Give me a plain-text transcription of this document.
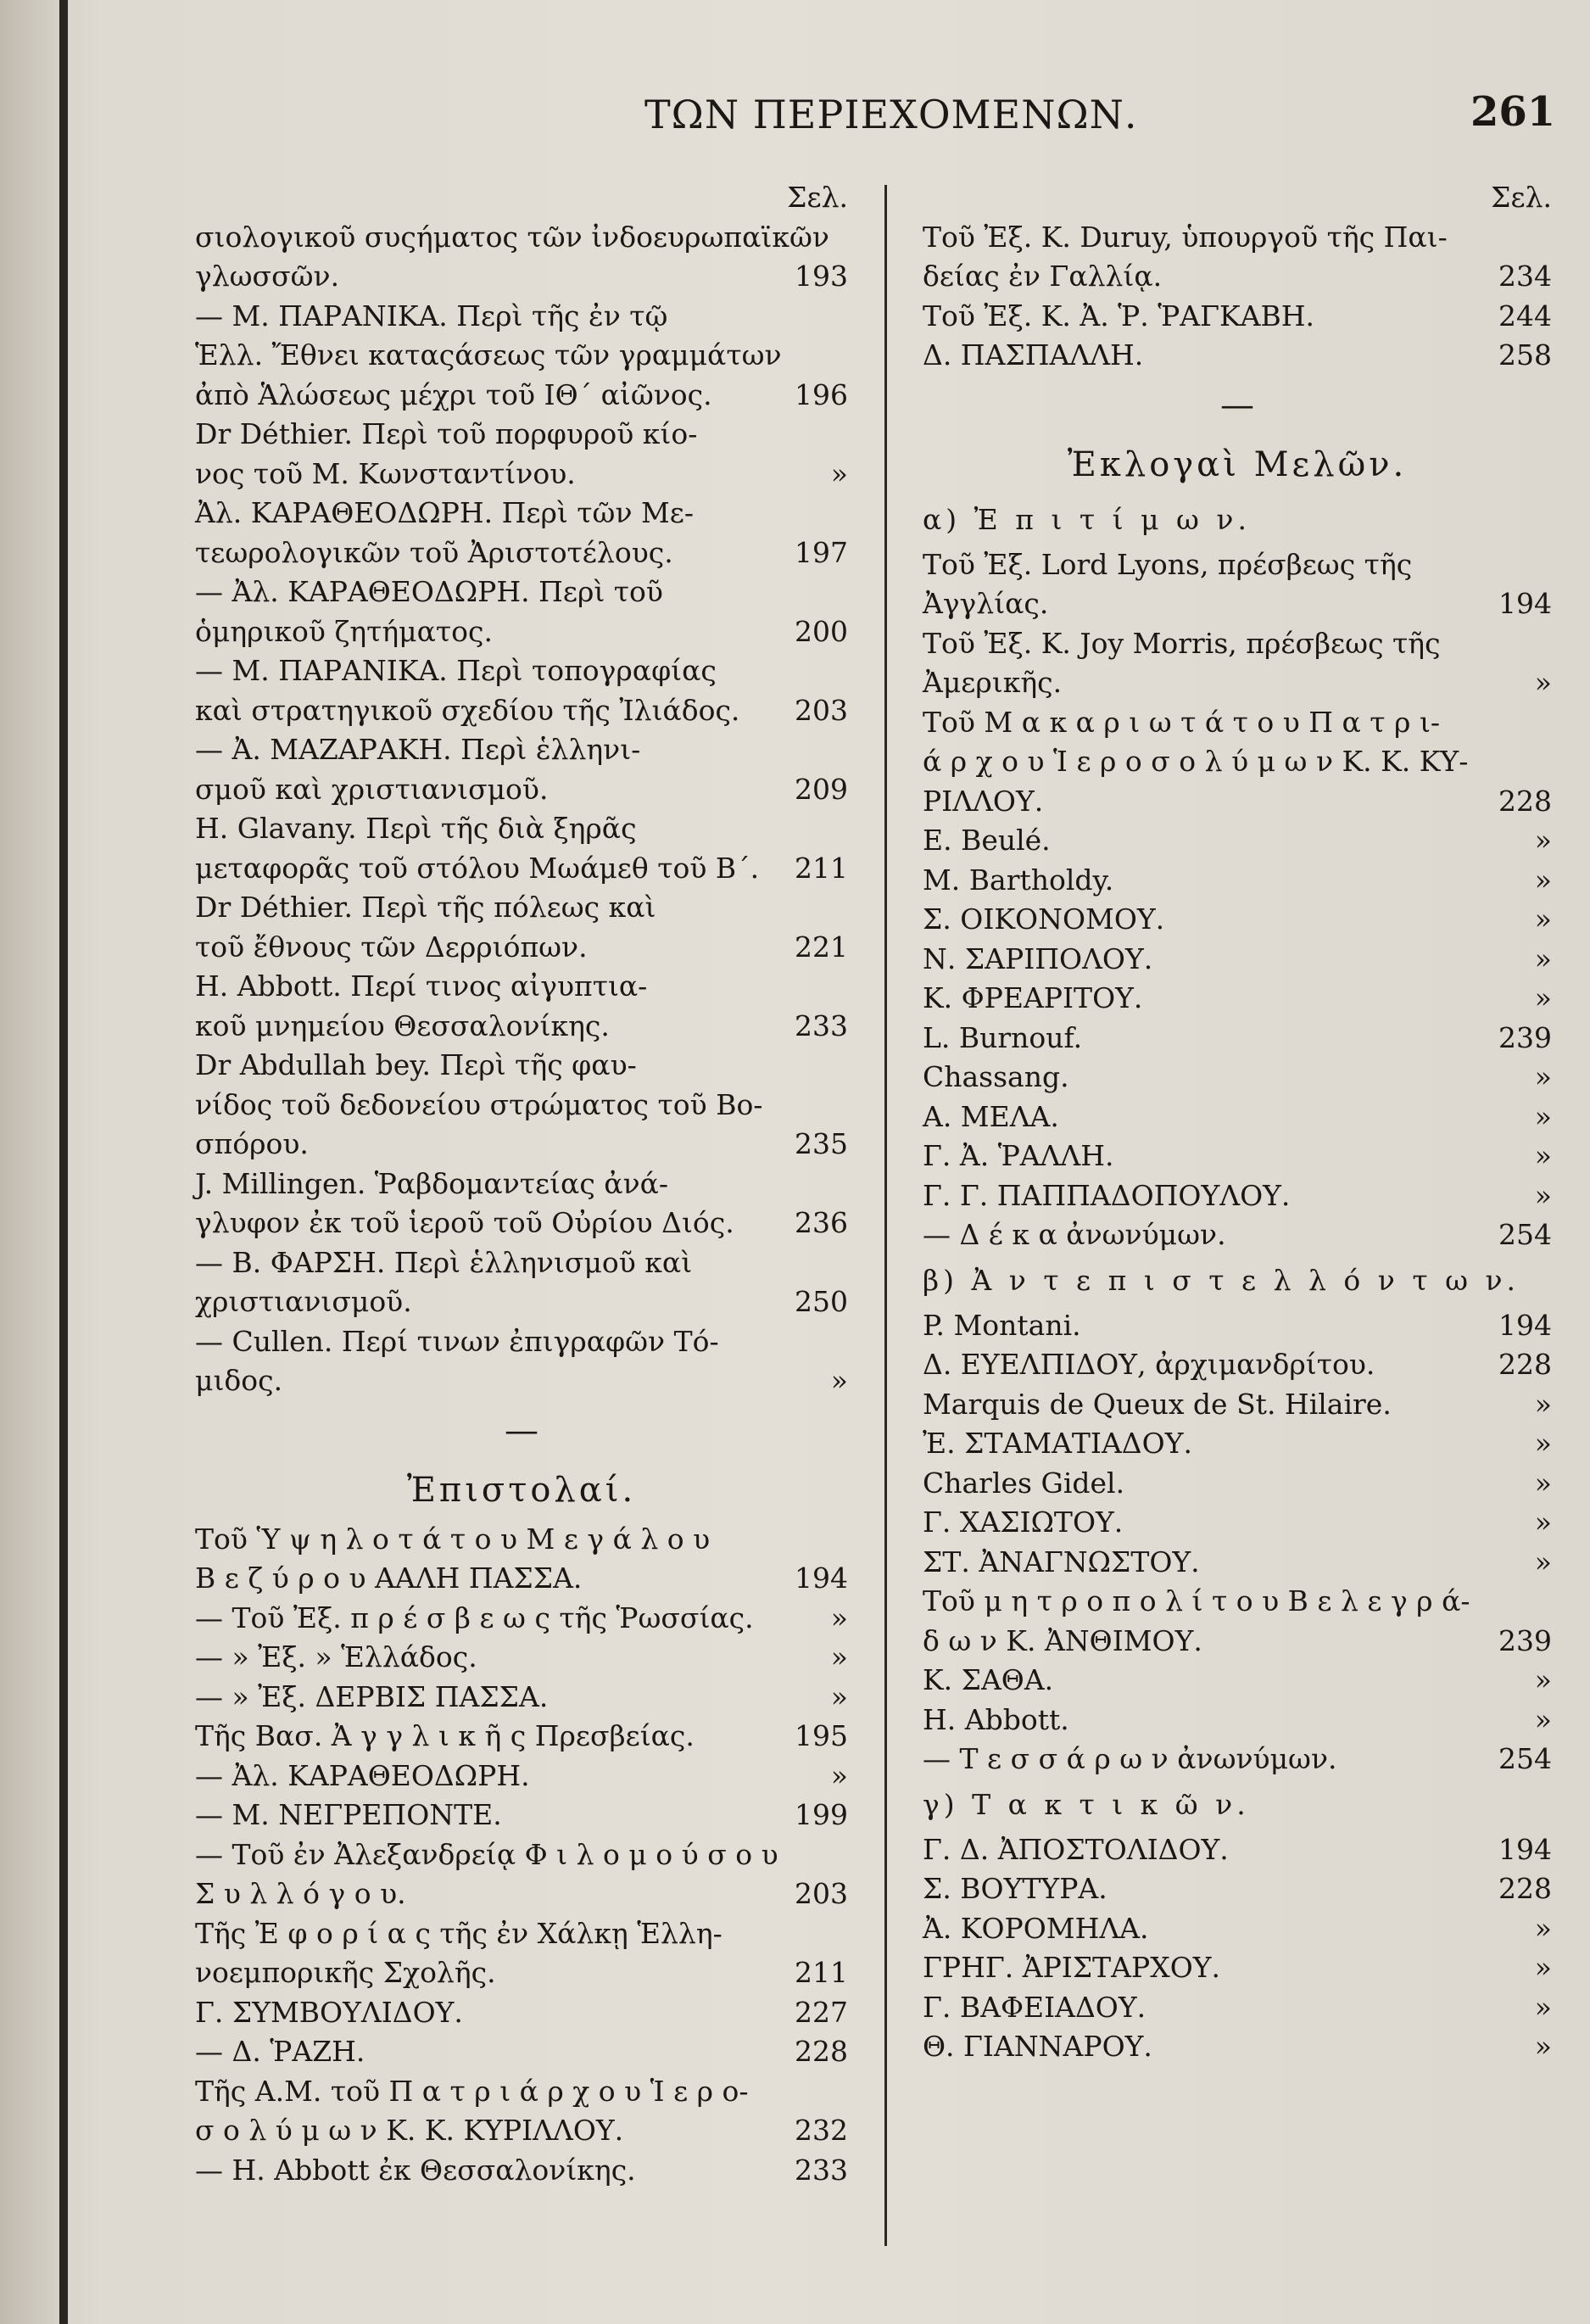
ΤΩΝ ΠΕΡΙΕΧΟΜΕΝΩΝ.	261
Σελ.
σιολογικοῦ συςήματος τῶν ἰνδοευρωπαϊκῶν
γλωσσῶν.	193
— Μ. ΠΑΡΑΝΙΚΑ. Περὶ τῆς ἐν τῷ
Ἑλλ. Ἔθνει καταςάσεως τῶν γραμμάτων
ἀπὸ Ἁλώσεως μέχρι τοῦ ΙΘ΄ αἰῶνος.	196
Dr Déthier. Περὶ τοῦ πορφυροῦ κίο-
νος τοῦ Μ. Κωνσταντίνου.	»
Ἀλ. ΚΑΡΑΘΕΟΔΩΡΗ. Περὶ τῶν Με-
τεωρολογικῶν τοῦ Ἀριστοτέλους.	197
— Ἀλ. ΚΑΡΑΘΕΟΔΩΡΗ. Περὶ τοῦ
ὁμηρικοῦ ζητήματος.	200
— Μ. ΠΑΡΑΝΙΚΑ. Περὶ τοπογραφίας
καὶ στρατηγικοῦ σχεδίου τῆς Ἰλιάδος. 203
— Ἀ. ΜΑΖΑΡΑΚΗ. Περὶ ἑλληνι-
σμοῦ καὶ χριστιανισμοῦ.	209
H. Glavany. Περὶ τῆς διὰ ξηρᾶς
μεταφορᾶς τοῦ στόλου Μωάμεθ τοῦ Β΄. 211
Dr Déthier. Περὶ τῆς πόλεως καὶ
τοῦ ἔθνους τῶν Δερριόπων.	221
H. Abbott. Περί τινος αἰγυπτια-
κοῦ μνημείου Θεσσαλονίκης.	233
Dr Abdullah bey. Περὶ τῆς φαυ-
νίδος τοῦ δεδονείου στρώματος τοῦ Βο-
σπόρου.	235
J. Millingen. Ῥαβδομαντείας ἀνά-
γλυφον ἐκ τοῦ ἱεροῦ τοῦ Οὐρίου Διός. 236
— Β. ΦΑΡΣΗ. Περὶ ἑλληνισμοῦ καὶ
χριστιανισμοῦ.	250
— Cullen. Περί τινων ἐπιγραφῶν Τό-
μιδος.	»
—
Ἐπιστολαί.
Τοῦ Ὑ ψ η λ ο τ ά τ ο υ Μ ε γ ά λ ο υ
Β ε ζ ύ ρ ο υ ΑΑΛΗ ΠΑΣΣΑ.	194
— Τοῦ Ἐξ. π ρ έ σ β ε ω ς τῆς Ῥωσσίας.	»
— » Ἐξ. » Ἑλλάδος.	»
— » Ἐξ. ΔΕΡΒΙΣ ΠΑΣΣΑ.	»
Τῆς Βασ. Ἀ γ γ λ ι κ ῆ ς Πρεσβείας.	195
— Ἀλ. ΚΑΡΑΘΕΟΔΩΡΗ.	»
— Μ. ΝΕΓΡΕΠΟΝΤΕ.	199
— Τοῦ ἐν Ἀλεξανδρείᾳ Φ ι λ ο μ ο ύ σ ο υ
Σ υ λ λ ό γ ο υ.	203
Τῆς Ἐ φ ο ρ ί α ς τῆς ἐν Χάλκῃ Ἑλλη-
νοεμπορικῆς Σχολῆς.	211
Γ. ΣΥΜΒΟΥΛΙΔΟΥ.	227
— Δ. ῬΑΖΗ.	228
Τῆς Α.Μ. τοῦ Π α τ ρ ι ά ρ χ ο υ Ἱ ε ρ ο-
σ ο λ ύ μ ω ν Κ. Κ. ΚΥΡΙΛΛΟΥ.	232
— H. Abbott ἐκ Θεσσαλονίκης.	233
Σελ.
Τοῦ Ἐξ. Κ. Duruy, ὑπουργοῦ τῆς Παι-
δείας ἐν Γαλλίᾳ.	234
Τοῦ Ἐξ. Κ. Ἀ. Ῥ. ῬΑΓΚΑΒΗ.	244
Δ. ΠΑΣΠΑΛΛΗ.	258
—
Ἐκλογαὶ Μελῶν.
α) Ἐ π ι τ ί μ ω ν.
Τοῦ Ἐξ. Lord Lyons, πρέσβεως τῆς
Ἀγγλίας.	194
Τοῦ Ἐξ. Κ. Joy Morris, πρέσβεως τῆς
Ἀμερικῆς.	»
Τοῦ Μ α κ α ρ ι ω τ ά τ ο υ Π α τ ρ ι-
ά ρ χ ο υ Ἱ ε ρ ο σ ο λ ύ μ ω ν Κ. Κ. ΚΥ-
ΡΙΛΛΟΥ.	228
E. Beulé.	»
M. Bartholdy.	»
Σ. ΟΙΚΟΝΟΜΟΥ.	»
Ν. ΣΑΡΙΠΟΛΟΥ.	»
Κ. ΦΡΕΑΡΙΤΟΥ.	»
L. Burnouf.	239
Chassang.	»
Α. ΜΕΛΑ.	»
Γ. Ἀ. ῬΑΛΛΗ.	»
Γ. Γ. ΠΑΠΠΑΔΟΠΟΥΛΟΥ.	»
— Δ έ κ α ἀνωνύμων.	254
β) Ἀ ν τ ε π ι σ τ ε λ λ ό ν τ ω ν.
P. Montani.	194
Δ. ΕΥΕΛΠΙΔΟΥ, ἀρχιμανδρίτου.	228
Marquis de Queux de St. Hilaire.	»
Ἐ. ΣΤΑΜΑΤΙΑΔΟΥ.	»
Charles Gidel.	»
Γ. ΧΑΣΙΩΤΟΥ.	»
ΣΤ. ἈΝΑΓΝΩΣΤΟΥ.	»
Τοῦ μ η τ ρ ο π ο λ ί τ ο υ Β ε λ ε γ ρ ά-
δ ω ν Κ. ἈΝΘΙΜΟΥ.	239
Κ. ΣΑΘΑ.	»
H. Abbott.	»
— Τ ε σ σ ά ρ ω ν ἀνωνύμων.	254
γ) Τ α κ τ ι κ ῶ ν.
Γ. Δ. ἈΠΟΣΤΟΛΙΔΟΥ.	194
Σ. ΒΟΥΤΥΡΑ.	228
Ἀ. ΚΟΡΟΜΗΛΑ.	»
ΓΡΗΓ. ἈΡΙΣΤΑΡΧΟΥ.	»
Γ. ΒΑΦΕΙΑΔΟΥ.	»
Θ. ΓΙΑΝΝΑΡΟΥ.	»
